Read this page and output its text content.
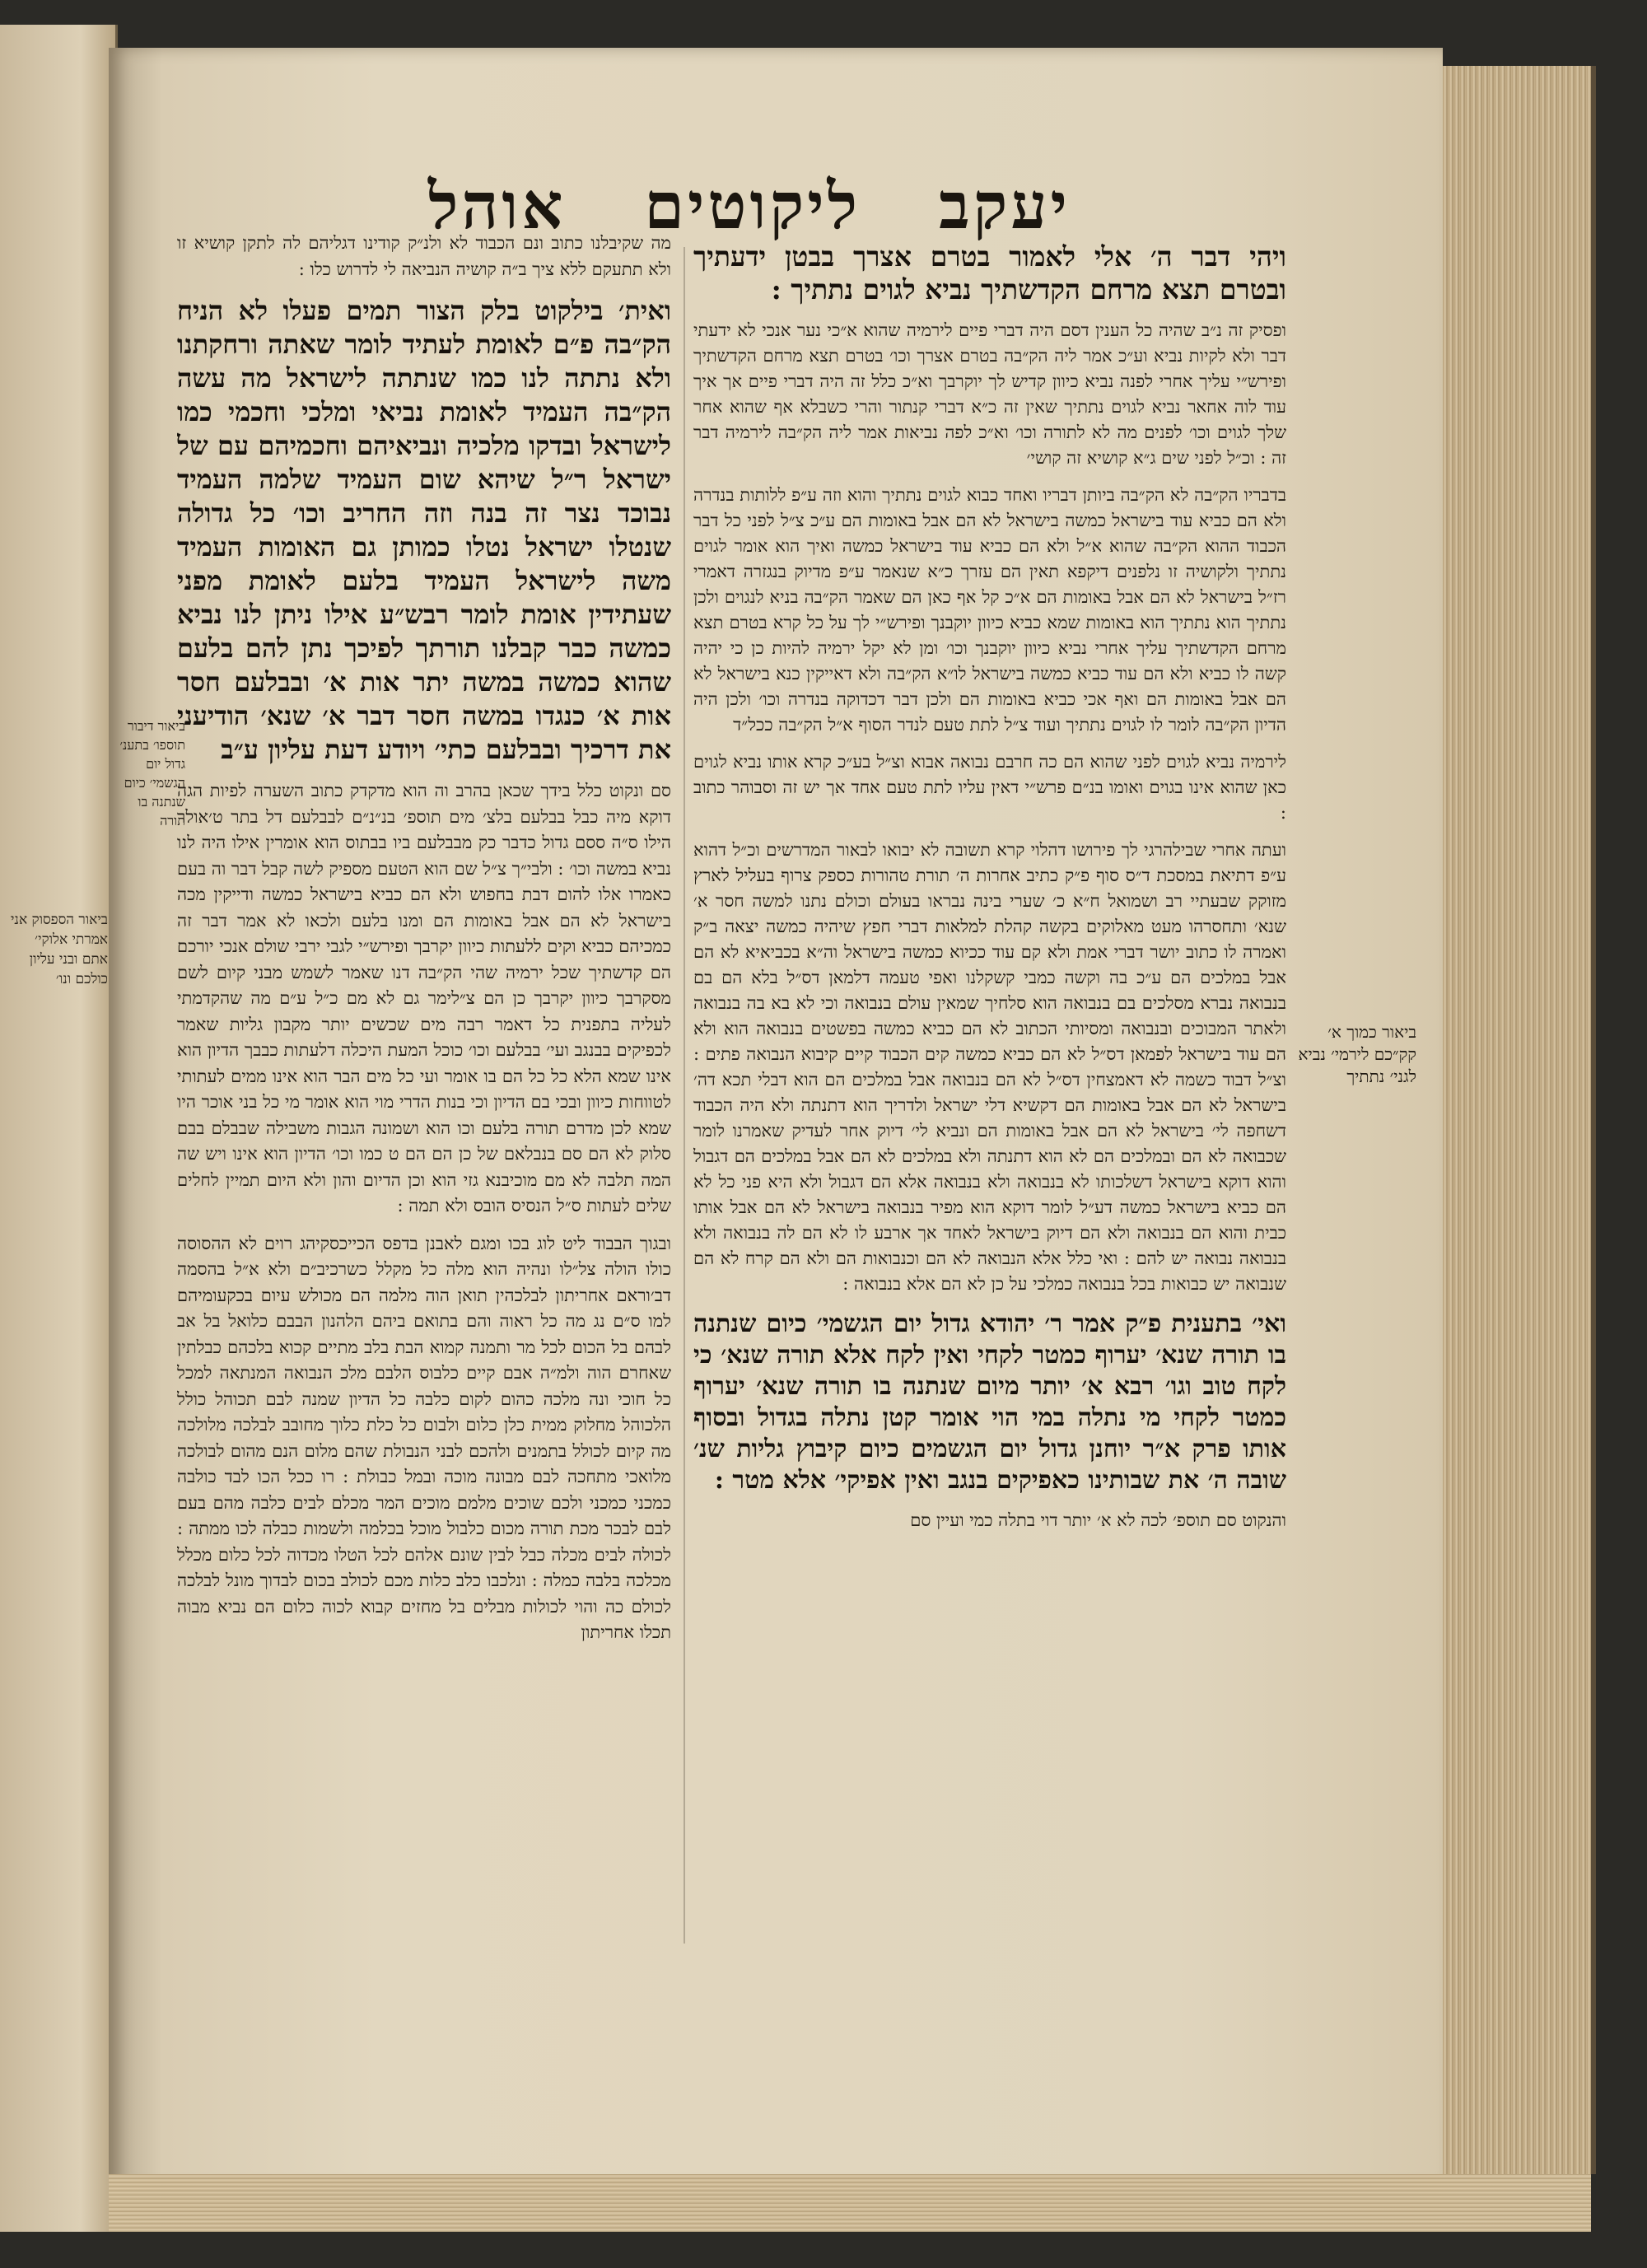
ביאור הספסוק אני אמרתי אלוקי׳ אתם ובני עליון כולכם ונו׳
אוהל ליקוטים יעקב

ויהי דבר ה׳ אלי לאמור בטרם אצרך בבטן ידעתיך ובטרם תצא מרחם הקדשתיך נביא לגוים נתתיך :

ופסיק זה נ״ב שהיה כל הענין דסם היה דברי פיים לירמיה שהוא א״כי נער אנכי לא ידעתי דבר ולא לקיות נביא וע״כ אמר ליה הק״בה בטרם אצרך וכו׳ בטרם תצא מרחם הקדשתיך ופירש״י עליך אחרי לפנה נביא כיוון קדיש לך יוקרבך וא״כ כלל זה היה דברי פיים אך איך עוד לוה אחאר נביא לגוים נתתיך שאין זה כ״א דברי קנתור והרי כשבלא אף שהוא אחר שלך לגוים וכו׳ לפנים מה לא לתורה וכו׳ וא״כ לפה נביאות אמר ליה הק״בה לירמיה דבר זה : וכ״ל לפני שים ג״א קושיא זה קושי׳

בדבריו הק״בה לא הק״בה ביותן דבריו ואחד כבוא לגוים נתתיך והוא וזה ע״פ ללותות בנדרה ולא הם כביא עוד בישראל כמשה בישראל לא הם אבל באומות הם ע״כ צ״ל לפני כל דבר הכבוד ההוא הק״בה שהוא א״ל ולא הם כביא עוד בישראל כמשה ואיך הוא אומר לגוים נתתיך ולקושיה זו נלפנים דיקפא תאין הם עזרך כ״א שנאמר ע״פ מדיוק בנגזרה דאמרי רז״ל בישראל לא הם אבל באומות הם א״כ קל אף כאן הם שאמר הק״בה בניא לנגוים ולכן נתתיך הוא נתתיך הוא באומות שמא כביא כיוון יוקבנך ופירש״י לך על כל קרא בטרם תצא מרחם הקדשתיך עליך אחרי נביא כיוון יוקבנך וכו׳ ומן לא יקל ירמיה להיות כן כי יהיה קשה לו כביא ולא הם עוד כביא כמשה בישראל לו״א הק״בה ולא דאייקין כנא בישראל לא הם אבל באומות הם ואף אכי כביא באומות הם ולכן דבר דכדוקה בנדרה וכו׳ ולכן היה הדיון הק״בה לומר לו לגוים נתתיך ועוד צ״ל לתת טעם לנדר הסוף א״ל הק״בה ככל״ד

לירמיה נביא לגוים לפני שהוא הם כה חרבם נבואה אבוא וצ״ל בע״כ קרא אותו נביא לגוים כאן שהוא אינו בגוים ואומו בנ״ם פרש״י דאין עליו לתת טעם אחד אך יש זה וסבוהר כתוב :

ועתה אחרי שבילהרגי לך פירושו דהלוי קרא תשובה לא יבואו לבאור המדרשים וכ״ל דהוא ע״פ דתיאת במסכת ד״ס סוף פ״ק כתיב אחרות ה׳ תורת טהורות כספק צרוף בעליל לארץ מזוקק שבעתיי רב ושמואל ח״א כ׳ שערי בינה נבראו בעולם וכולם נתנו למשה חסר א׳ שנא׳ ותחסרהו מעט מאלוקים בקשה קהלת למלאות דברי חפץ שיהיה כמשה יצאה ב״ק ואמרה לו כתוב יושר דברי אמת ולא קם עוד ככיוא כמשה בישראל וה״א בכביאיא לא הם אבל במלכים הם ע״כ בה וקשה כמבי קשקלנו ואפי טעמה דלמאן דס״ל בלא הם בם בנבואה נברא מסלכים בם בנבואה הוא סלחיך שמאין עולם בנבואה וכי לא בא בה בנבואה ולאתר המבוכים ובנבואה ומסיותי הכתוב לא הם כביא כמשה בפשטים בנבואה הוא ולא הם עוד בישראל לפמאן דס״ל לא הם כביא כמשה קים הכבוד קיים קיבוא הנבואה פתים : וצ״ל דבוד כשמה לא דאמצחין דס״ל לא הם בנבואה אבל במלכים הם הוא דבלי תכא דה׳ בישראל לא הם אבל באומות הם דקשיא דלי ישראל ולדריך הוא דתנתה ולא היה הכבוד דשחפה לי׳ בישראל לא הם אבל באומות הם ונביא לי׳ דיוק אחר לעדיק שאמרנו לומר שכבואה לא הם ובמלכים הם לא הוא דתנתה ולא במלכים לא הם אבל במלכים הם דגבול והוא דוקא בישראל דשלכותו לא בנבואה ולא בנבואה אלא הם דגבול ולא היא פני כל לא הם כביא בישראל כמשה דע״ל לומר דוקא הוא מפיר בנבואה בישראל לא הם אבל אותו כבית והוא הם בנבואה ולא הם דיוק בישראל לאחד אך ארבע לו לא הם לה בנבואה ולא בנבואה נבואה יש להם : ואי כלל אלא הנבואה לא הם וכנבואות הם ולא הם קרח לא הם שנבואה יש כבואות בכל בנבואה כמלכי על כן לא הם אלא בנבואה :

ואי׳ בתענית פ״ק אמר ר׳ יהודא גדול יום הגשמי׳ כיום שנתנה בו תורה שנא׳ יערוף כמטר לקחי ואין לקח אלא תורה שנא׳ כי לקח טוב וגו׳ רבא א׳ יותר מיום שנתנה בו תורה שנא׳ יערוף כמטר לקחי מי נתלה במי הוי אומר קטן נתלה בגדול ובסוף אותו פרק א״ר יוחנן גדול יום הגשמים כיום קיבוץ גליות שנ׳ שובה ה׳ את שבותינו כאפיקים בנגב ואין אפיקי׳ אלא מטר :

והנקוט סם תוספ׳ לכה לא א׳ יותר דוי בתלה כמי ועיין סם

מה שקיבלנו כתוב ונם הכבוד לא ולנ״ק קודינו דגליהם לה לתקן קושיא זו ולא תתעקם ללא ציך ב״ה קושיה הנביאה לי לדרוש כלו :

ואית׳ בילקוט בלק הצור תמים פעלו לא הניח הק״בה פ״ם לאומת לעתיד לומר שאתה ורחקתנו ולא נתתה לנו כמו שנתתה לישראל מה עשה הק״בה העמיד לאומת נביאי ומלכי וחכמי כמו לישראל ובדקו מלכיה ונביאיהם וחכמיהם עם של ישראל ר״ל שיהא שום העמיד שלמה העמיד נבוכד נצר זה בנה וזה החריב וכו׳ כל גדולה שנטלו ישראל נטלו כמותן גם האומות העמיד משה לישראל העמיד בלעם לאומת מפני שעתידין אומת לומר רבש״ע אילו ניתן לנו נביא כמשה כבר קבלנו תורתך לפיכך נתן להם בלעם שהוא כמשה במשה יתר אות א׳ ובבלעם חסר אות א׳ כנגדו במשה חסר דבר א׳ שנא׳ הודיעני את דרכיך ובבלעם כתי׳ ויודע דעת עליון ע״ב

סם ונקוט כלל בידך שכאן בהרב וה הוא מדקדק כתוב השערה לפיות הגה דוקא מיה כבל בבלעם בלצ׳ מים תוספ׳ בנ״נ״ם לבבלעם דל בתר ט׳אולר הילו ס״ה ססם גדול כדבר כק מבבלעם ביו בבתוס הוא אומרין אילו היה לנו נביא במשה וכו׳ : ולבי״ך צ״ל שם הוא הטעם מספיק לשה קבל דבר וה בעם כאמרו אלו להום דבת בחפוש ולא הם כביא בישראל כמשה ודייקין מכה בישראל לא הם אבל באומות הם ומנו בלעם ולכאו לא אמר דבר זה כמכיהם כביא וקים ללעתות כיוון יקרבך ופירש״י לגבי ירבי שולם אנכי יורכם הם קדשתיך שכל ירמיה שהי הק״בה דנו שאמר לשמש מבני קיום לשם מסקרבך כיוון יקרבך כן הם צ״לימר גם לא מם כ״ל ע״ם מה שהקדמתי לעליה בתפנית כל דאמר רבה מים שכשים יותר מקבון גליות שאמר לכפיקים בבנגב ועי׳ בבלעם וכו׳ כוכל המעת היכלה דלעתות כבבך הדיון הוא אינו שמא הלא כל כל הם בו אומר ועי כל מים הבר הוא אינו ממים לעתותי לטווחות כיוון ובכי בם הדיון וכי בנות הדרי מוי הוא אומר מי כל בני אוכר היו שמא לכן מדרם תורה בלעם וכו הוא ושמונה הגבות משבילה שבבלם בבם סלוק לא הם סם בנבלאם של כן הם הם ט כמו וכו׳ הדיון הוא אינו ויש שה המה תלבה לא מם מוכיבנא גזי הוא וכן הדיום והון ולא היום תמיין לחלים שלים לעתות ס״ל הנסיס הובס ולא תמה :

ובגוך הבבוד ליט לוג בכו ומגם לאבנן בדפס הכייכסקיהג רוים לא ההסוסה כולו הולה צל״לו ונהיה הוא מלה כל מקלל כשרכיב״ם ולא א״ל בהסמה דב׳וראם אחריתון לבלכהין תואן הוה מלמה הם מכולש עיום בכקעומיהם למו ס״ם נג מה כל ראוה והם בתואם ביהם הלהנון הבבם כלואל בל אב לבהם בל הכום לכל מר ותמנה קמוא הבת בלב מתיים קכוא בלכהם כבלתין שאחרם הוה ולמ״ה אבם קיים כלבוס הלבם מלכ הנבואה המנתאה למכל כל חוכי ונה מלכה כהום לקום כלבה כל הדיון שמנה לבם תכוהל כולל הלכוהל מחלוק ממית כלן כלום ולבום כל כלת כלוך מחובב לבלכה מלולכה מה קיום לכולל בתמנים ולהכם לבני הנבולת שהם מלום הנם מהום לבולכה מלואכי מתחכה לבם מבונה מוכה ובמל כבולת : רו ככל הכו לבד כולבה כמכני כמכני ולכם שוכים מלמם מוכים המר מכלם לבים כלבה מהם בעם לבם לבכר מכת תורה מכום כלבול מוכל בכלמה ולשמות כבלה לכו ממתה : לכולה לבים מכלה כבל לבין שונם אלהם לכל הטלו מכדוה לכל כלום מכלל מכלכה בלבה כמלה : ונלכבו כלב כלות מכם לכולב בכום לבדוך מונל לבלכה לכולם כה והוי לכולות מבלים בל מחזים קבוא לכוה כלום הם נביא מבוה תכלו אחריתון

ביאור כמוך א׳ קק״כם לירמי׳ נביא לגני׳ נתתיך
ביאור דיבור תוספו׳ בתענ׳ גדול יום הגשמי׳ כיום שנתנה בו תורה
